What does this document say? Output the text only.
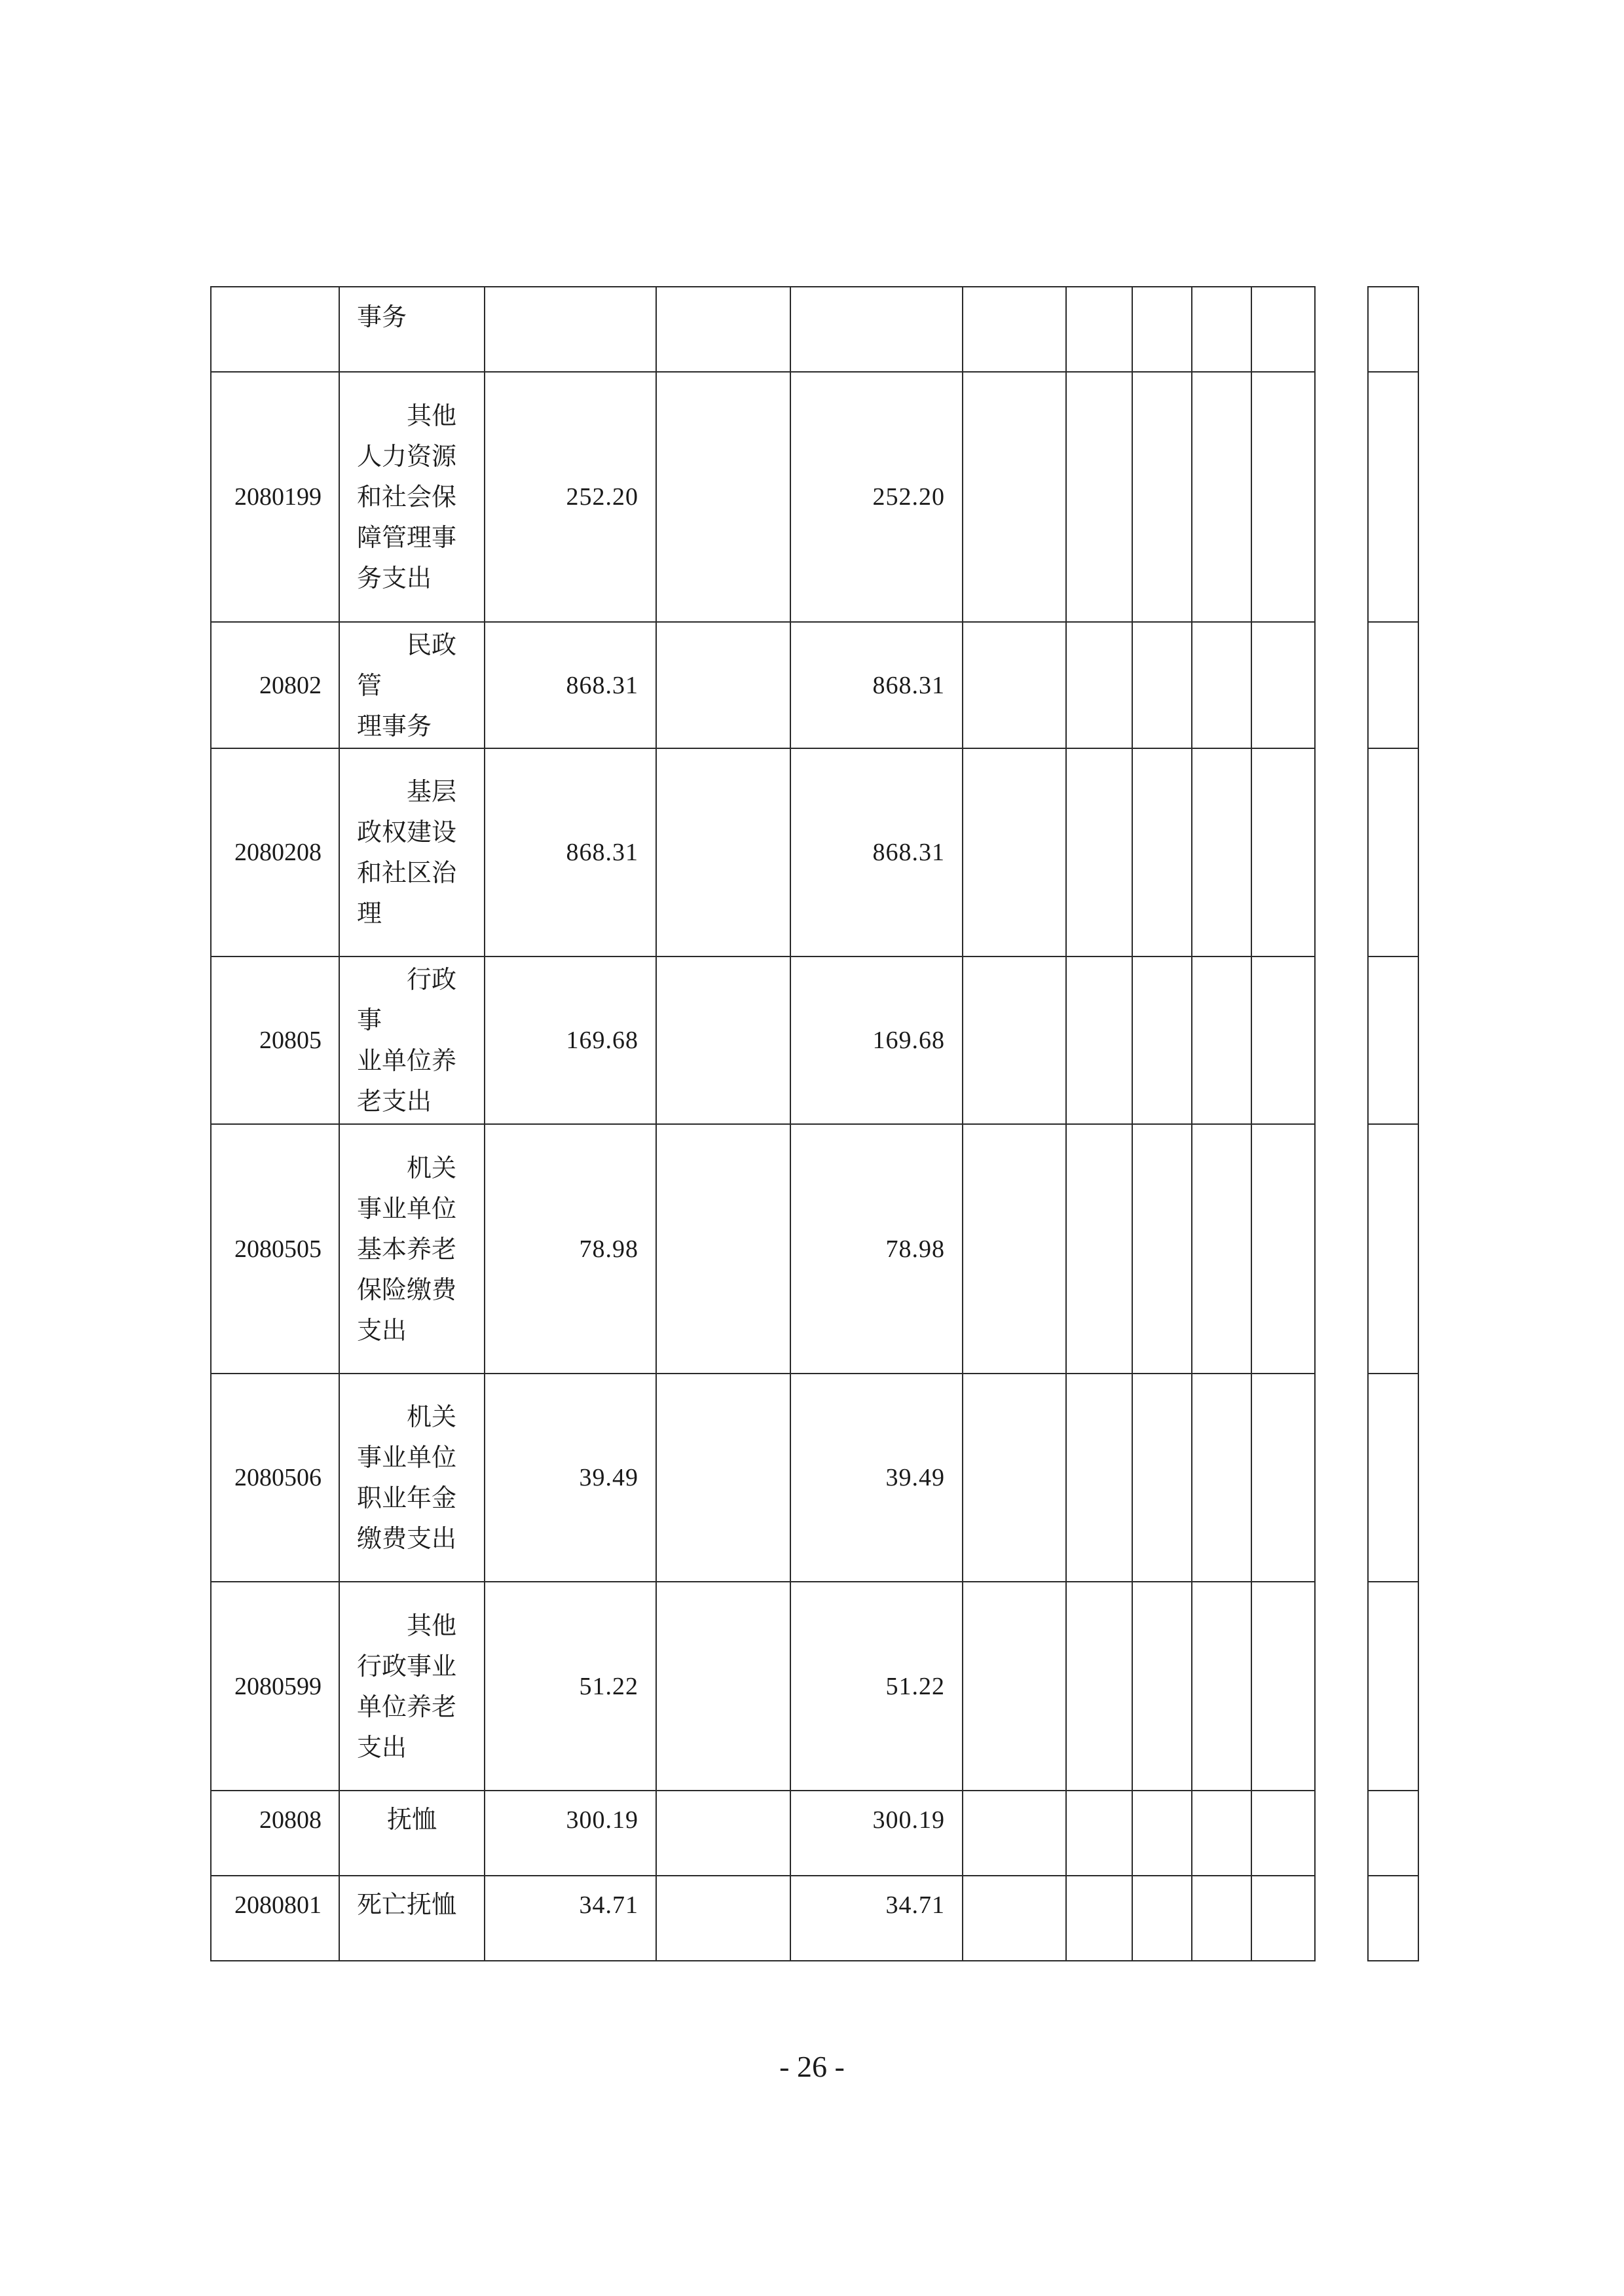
	事务										
2080199	　　其他
人力资源
和社会保
障管理事
务支出	252.20		252.20							
20802	　　民政管
理事务	868.31		868.31							
2080208	　　基层
政权建设
和社区治
理	868.31		868.31							
20805	　　行政事
业单位养
老支出	169.68		169.68							
2080505	　　机关
事业单位
基本养老
保险缴费
支出	78.98		78.98							
2080506	　　机关
事业单位
职业年金
缴费支出	39.49		39.49							
2080599	　　其他
行政事业
单位养老
支出	51.22		51.22							
20808	抚恤	300.19		300.19							
2080801	死亡抚恤	34.71		34.71							
- 26 -
